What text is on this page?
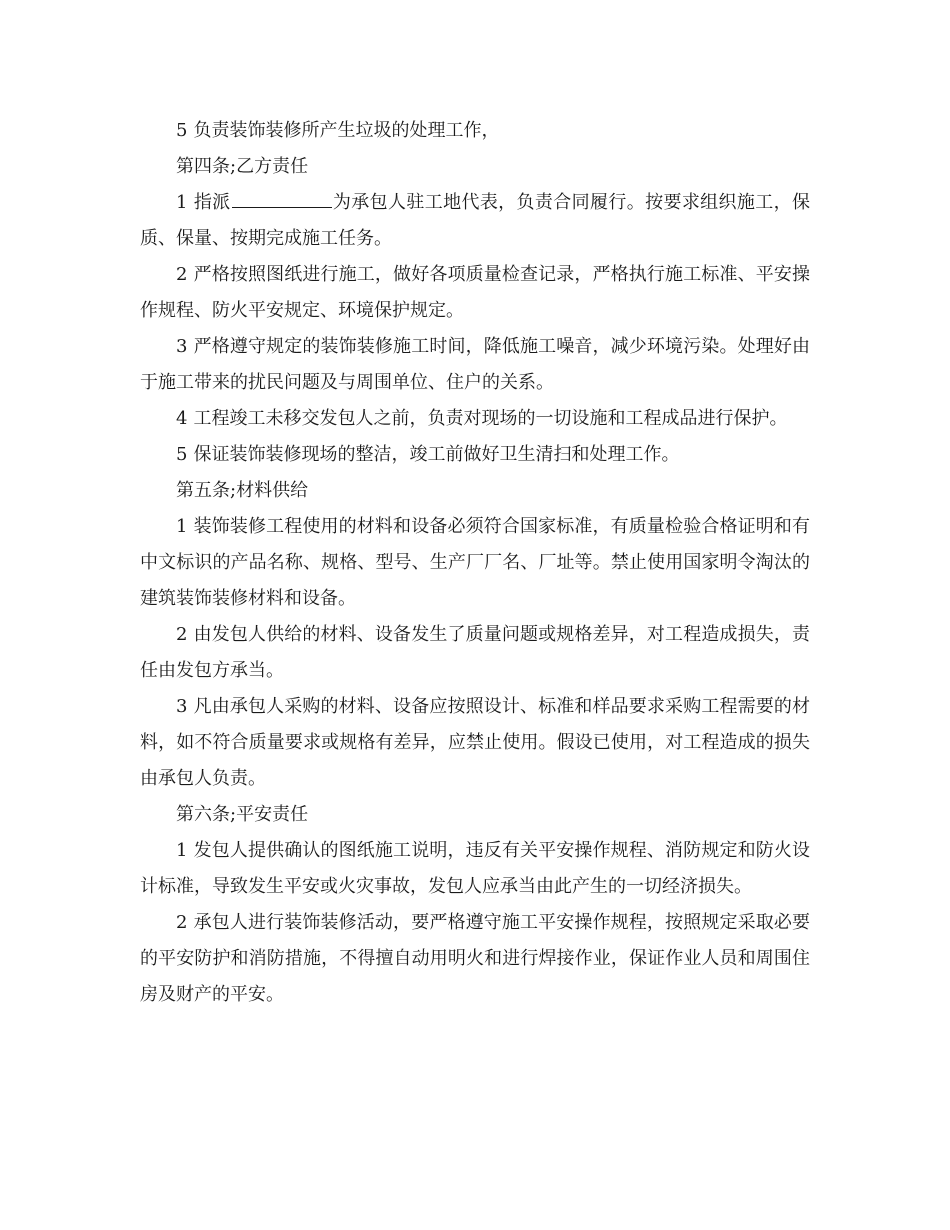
5 负责装饰装修所产生垃圾的处理工作，

第四条;乙方责任

1 指派	为承包人驻工地代表，负责合同履行。按要求组织施工，保质、保量、按期完成施工任务。

2 严格按照图纸进行施工，做好各项质量检查记录，严格执行施工标准、平安操作规程、防火平安规定、环境保护规定。

3 严格遵守规定的装饰装修施工时间，降低施工噪音，减少环境污染。处理好由于施工带来的扰民问题及与周围单位、住户的关系。

4 工程竣工未移交发包人之前，负责对现场的一切设施和工程成品进行保护。

5 保证装饰装修现场的整洁，竣工前做好卫生清扫和处理工作。

第五条;材料供给

1 装饰装修工程使用的材料和设备必须符合国家标准，有质量检验合格证明和有中文标识的产品名称、规格、型号、生产厂厂名、厂址等。禁止使用国家明令淘汰的建筑装饰装修材料和设备。

2 由发包人供给的材料、设备发生了质量问题或规格差异，对工程造成损失，责任由发包方承当。

3 凡由承包人采购的材料、设备应按照设计、标准和样品要求采购工程需要的材料，如不符合质量要求或规格有差异，应禁止使用。假设已使用，对工程造成的损失由承包人负责。

第六条;平安责任

1 发包人提供确认的图纸施工说明，违反有关平安操作规程、消防规定和防火设计标准，导致发生平安或火灾事故，发包人应承当由此产生的一切经济损失。

2 承包人进行装饰装修活动，要严格遵守施工平安操作规程，按照规定采取必要的平安防护和消防措施，不得擅自动用明火和进行焊接作业，保证作业人员和周围住房及财产的平安。
